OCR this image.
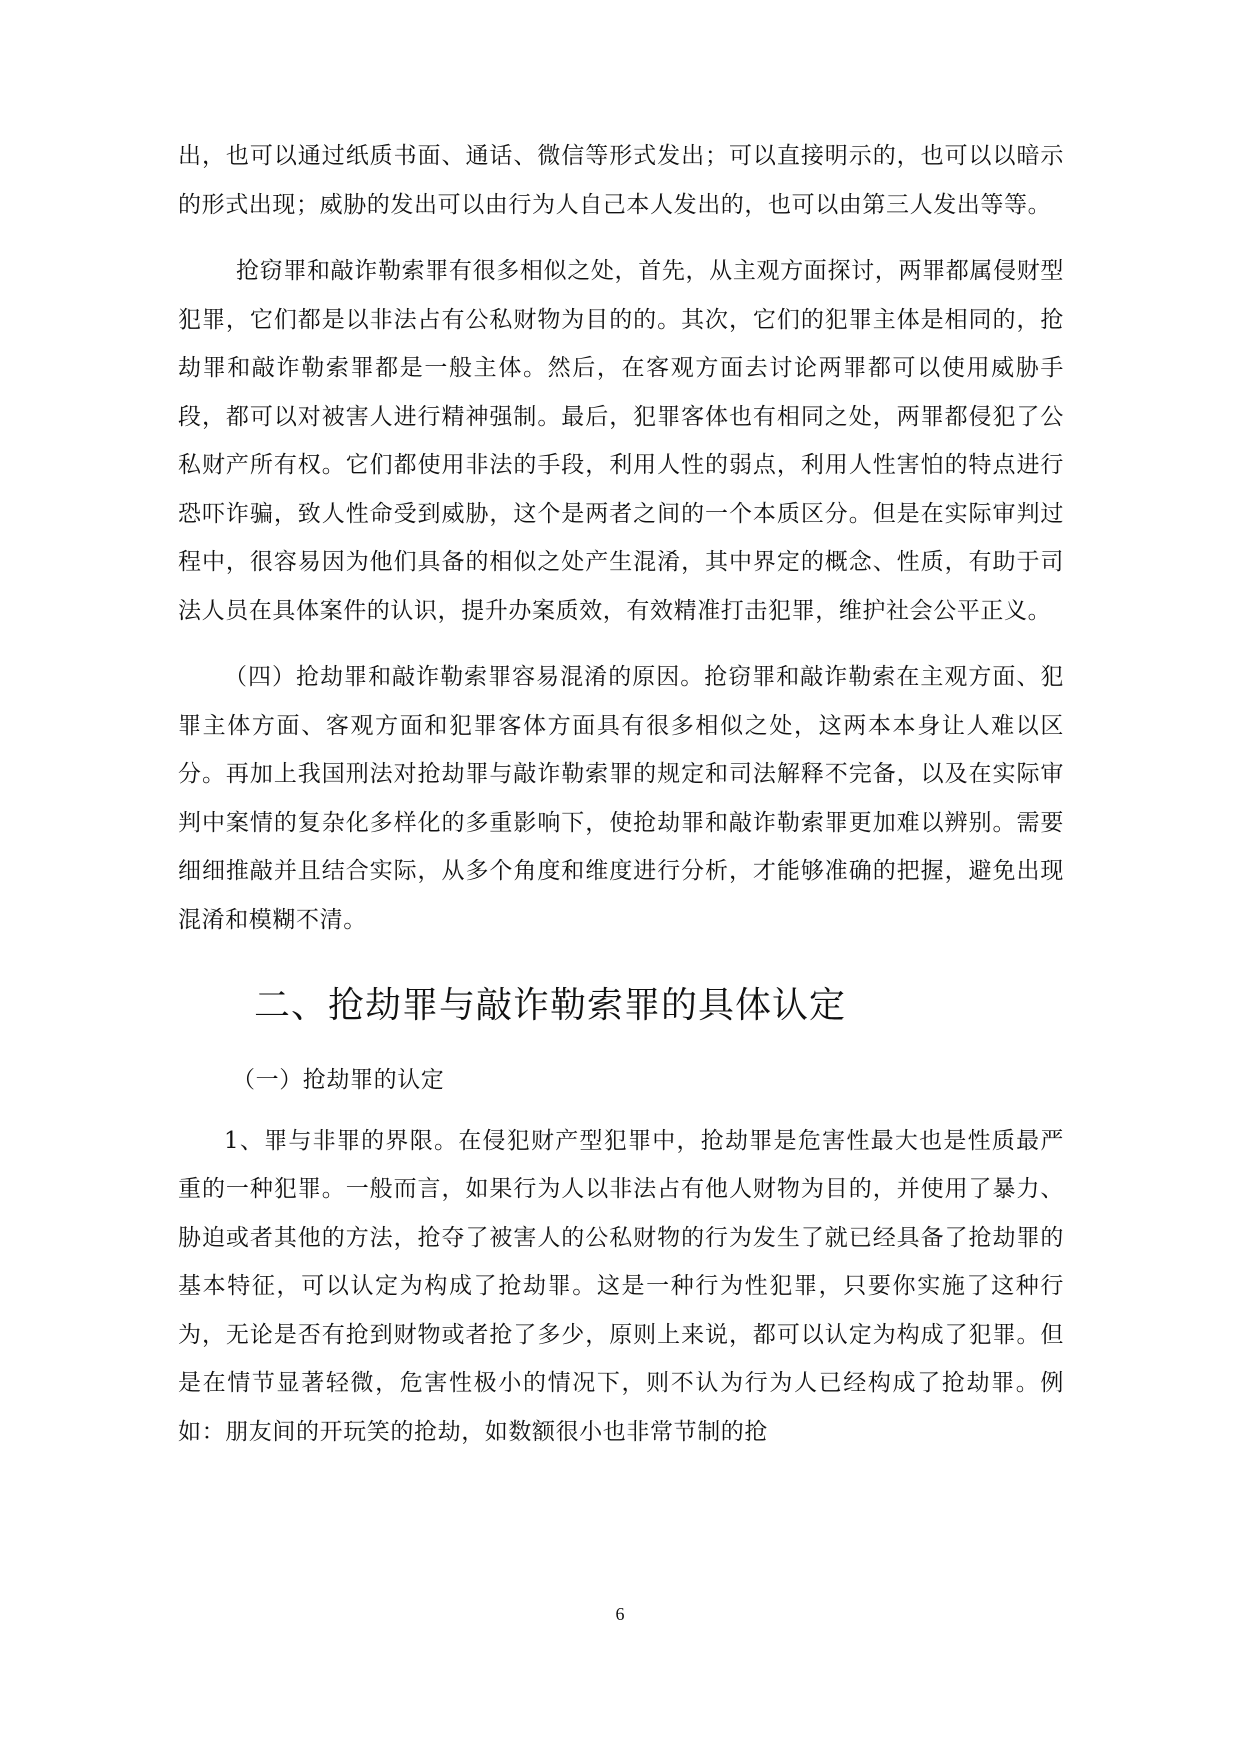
出，也可以通过纸质书面、通话、微信等形式发出；可以直接明示的，也可以以暗示的形式出现；威胁的发出可以由行为人自己本人发出的，也可以由第三人发出等等。

抢窃罪和敲诈勒索罪有很多相似之处，首先，从主观方面探讨，两罪都属侵财型犯罪，它们都是以非法占有公私财物为目的的。其次，它们的犯罪主体是相同的，抢劫罪和敲诈勒索罪都是一般主体。然后，在客观方面去讨论两罪都可以使用威胁手段，都可以对被害人进行精神强制。最后，犯罪客体也有相同之处，两罪都侵犯了公私财产所有权。它们都使用非法的手段，利用人性的弱点，利用人性害怕的特点进行恐吓诈骗，致人性命受到威胁，这个是两者之间的一个本质区分。但是在实际审判过程中，很容易因为他们具备的相似之处产生混淆，其中界定的概念、性质，有助于司法人员在具体案件的认识，提升办案质效，有效精准打击犯罪，维护社会公平正义。

（四）抢劫罪和敲诈勒索罪容易混淆的原因。抢窃罪和敲诈勒索在主观方面、犯罪主体方面、客观方面和犯罪客体方面具有很多相似之处，这两本本身让人难以区分。再加上我国刑法对抢劫罪与敲诈勒索罪的规定和司法解释不完备，以及在实际审判中案情的复杂化多样化的多重影响下，使抢劫罪和敲诈勒索罪更加难以辨别。需要细细推敲并且结合实际，从多个角度和维度进行分析，才能够准确的把握，避免出现混淆和模糊不清。

二、抢劫罪与敲诈勒索罪的具体认定

（一）抢劫罪的认定

1、罪与非罪的界限。在侵犯财产型犯罪中，抢劫罪是危害性最大也是性质最严重的一种犯罪。一般而言，如果行为人以非法占有他人财物为目的，并使用了暴力、胁迫或者其他的方法，抢夺了被害人的公私财物的行为发生了就已经具备了抢劫罪的基本特征，可以认定为构成了抢劫罪。这是一种行为性犯罪，只要你实施了这种行为，无论是否有抢到财物或者抢了多少，原则上来说，都可以认定为构成了犯罪。但是在情节显著轻微，危害性极小的情况下，则不认为行为人已经构成了抢劫罪。例如：朋友间的开玩笑的抢劫，如数额很小也非常节制的抢

6
